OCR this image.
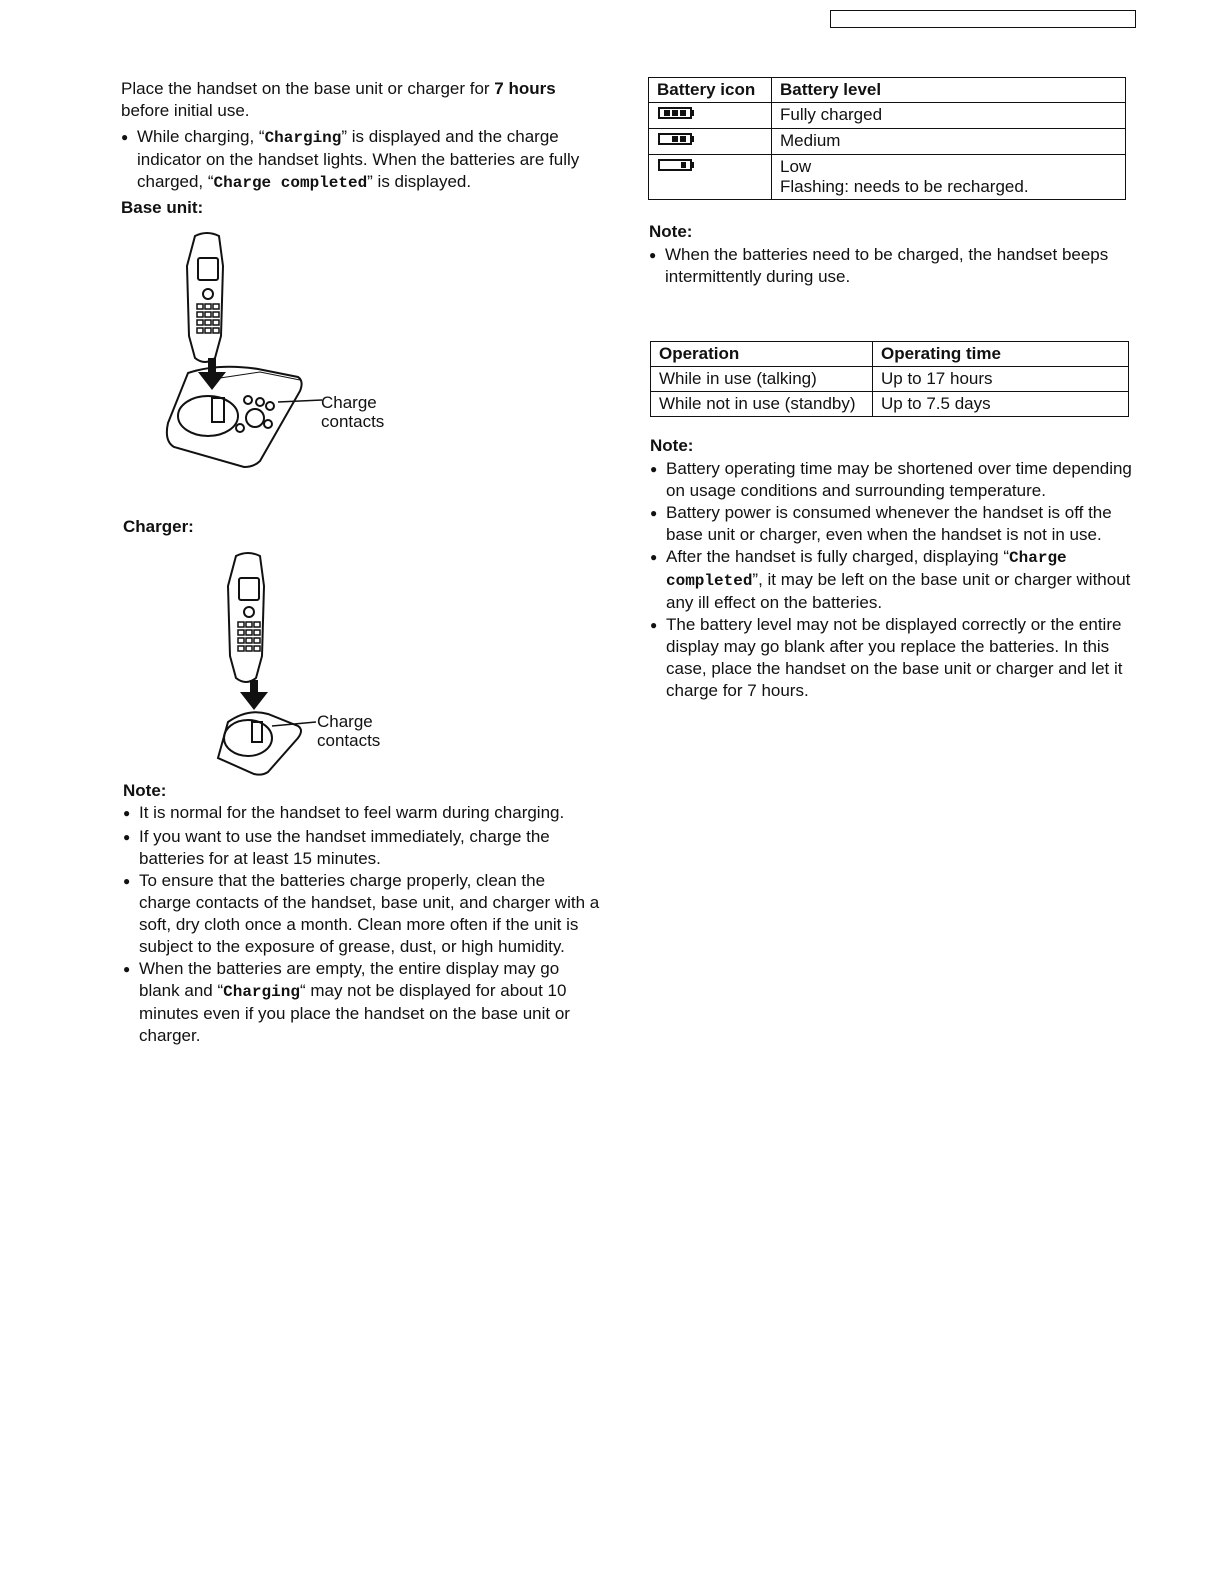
Place the handset on the base unit or charger for 7 hours
before initial use.

● While charging, “Charging” is displayed and the charge
indicator on the handset lights. When the batteries are fully
charged, “Charge completed” is displayed.

Base unit:
Charge
contacts
Charger:
Charge
contacts

Note:

● It is normal for the handset to feel warm during charging.

● If you want to use the handset immediately, charge the batteries for at least 15 minutes.

● To ensure that the batteries charge properly, clean the charge contacts of the handset, base unit, and charger with a soft, dry cloth once a month. Clean more often if the unit is subject to the exposure of grease, dust, or high humidity.

● When the batteries are empty, the entire display may go blank and “Charging“ may not be displayed for about 10 minutes even if you place the handset on the base unit or charger.

Battery icon	Battery level
	Fully charged
	Medium
	Low
Flashing: needs to be recharged.

Note:

● When the batteries need to be charged, the handset beeps intermittently during use.

Operation	Operating time
While in use (talking)	Up to 17 hours
While not in use (standby)	Up to 7.5 days

Note:

● Battery operating time may be shortened over time depending on usage conditions and surrounding temperature.

● Battery power is consumed whenever the handset is off the base unit or charger, even when the handset is not in use.

● After the handset is fully charged, displaying “Charge completed”, it may be left on the base unit or charger without any ill effect on the batteries.

● The battery level may not be displayed correctly or the entire display may go blank after you replace the batteries. In this case, place the handset on the base unit or charger and let it charge for 7 hours.
